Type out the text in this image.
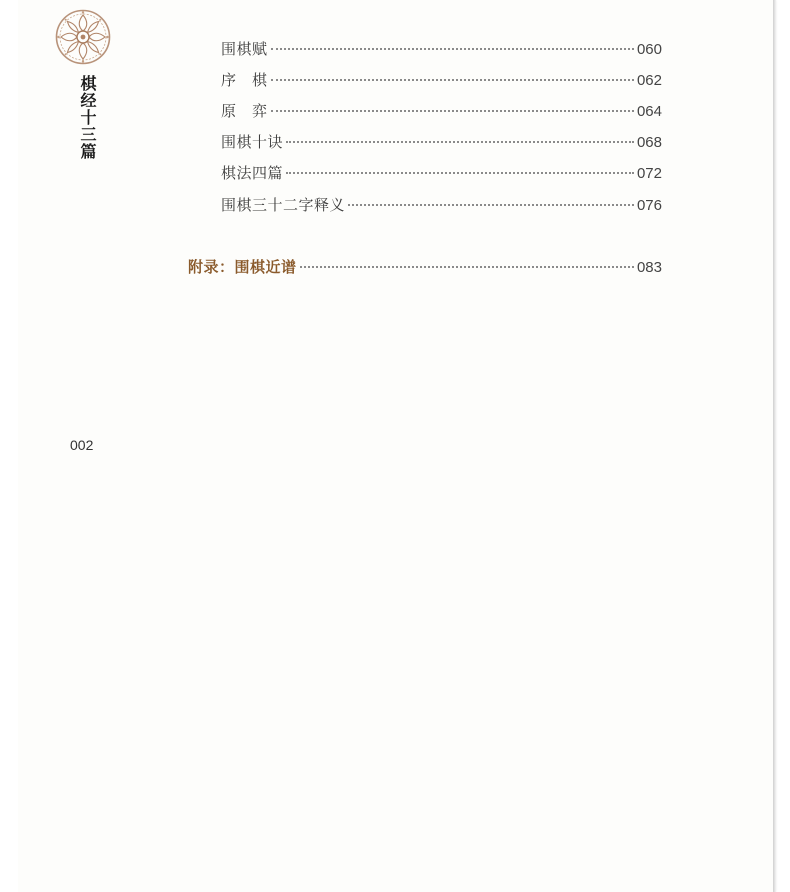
棋经十三篇
围棋赋	060
序　棋	062
原　弈	064
围棋十诀	068
棋法四篇	072
围棋三十二字释义	076
附录：围棋近谱	083
002
